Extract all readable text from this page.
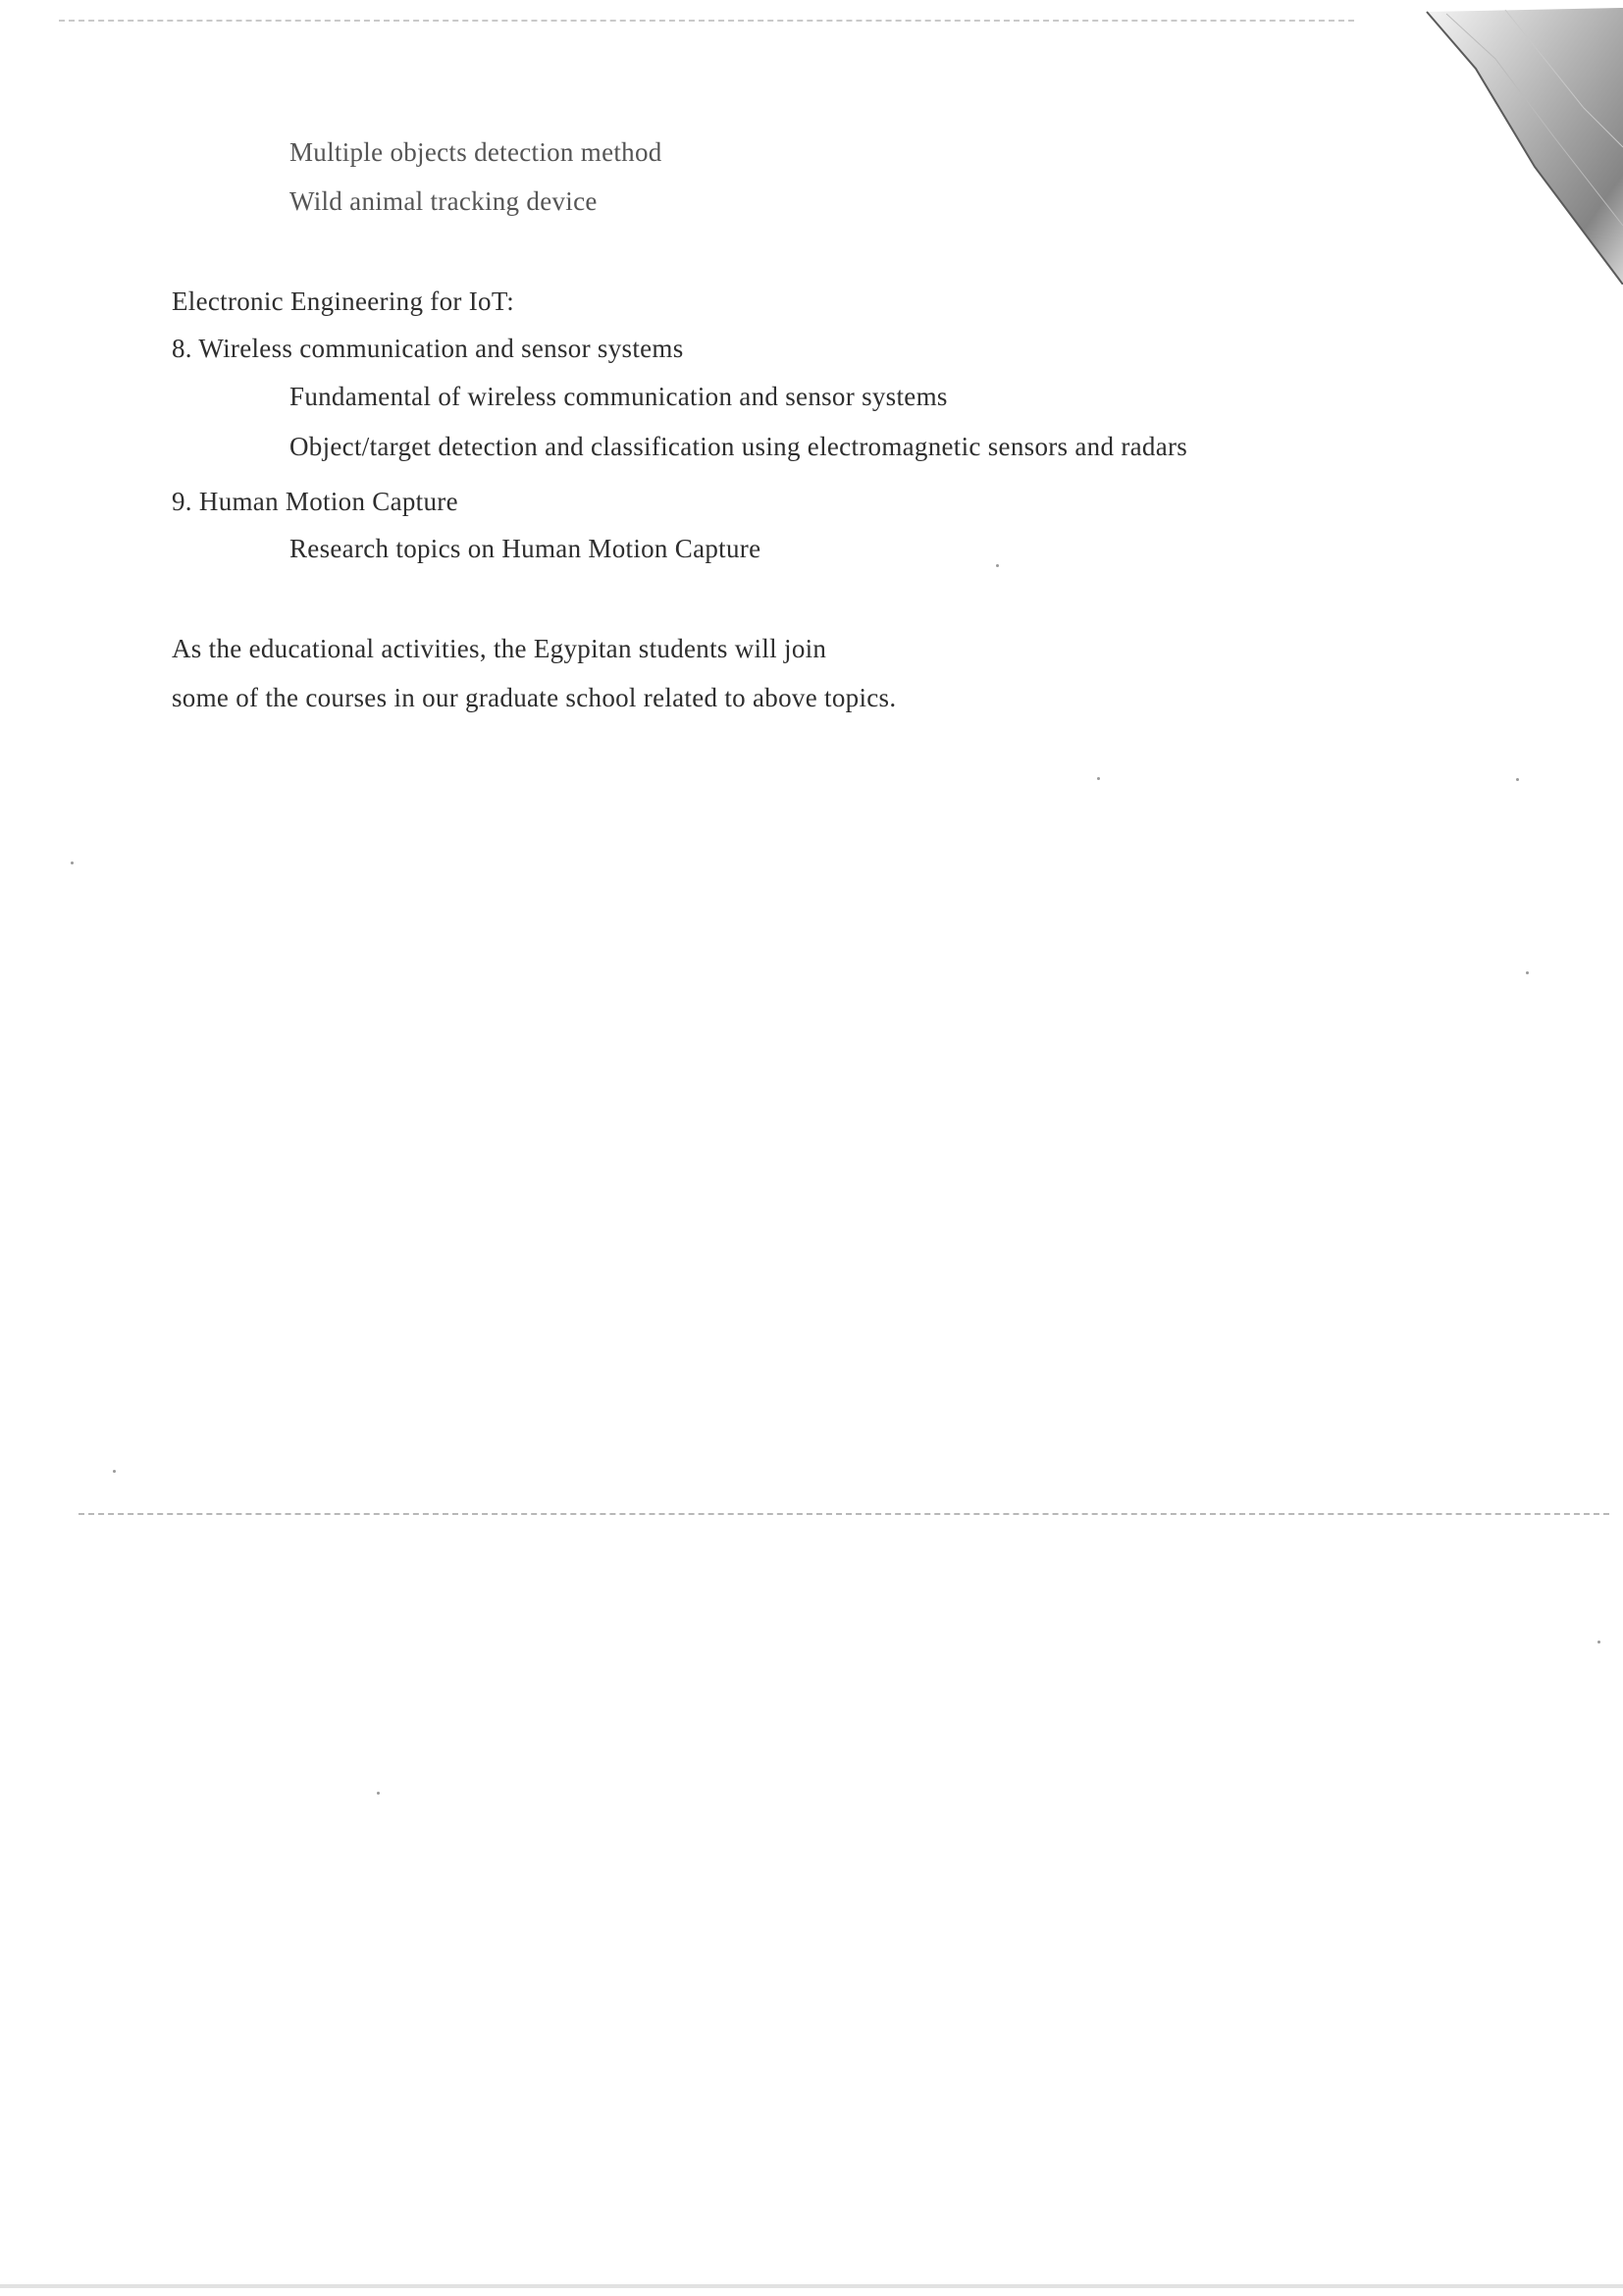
Multiple objects detection method
Wild animal tracking device
Electronic Engineering for IoT:
8. Wireless communication and sensor systems
Fundamental of wireless communication and sensor systems
Object/target detection and classification using electromagnetic sensors and radars
9. Human Motion Capture
Research topics on Human Motion Capture
As the educational activities, the Egypitan students will join
some of the courses in our graduate school related to above topics.
